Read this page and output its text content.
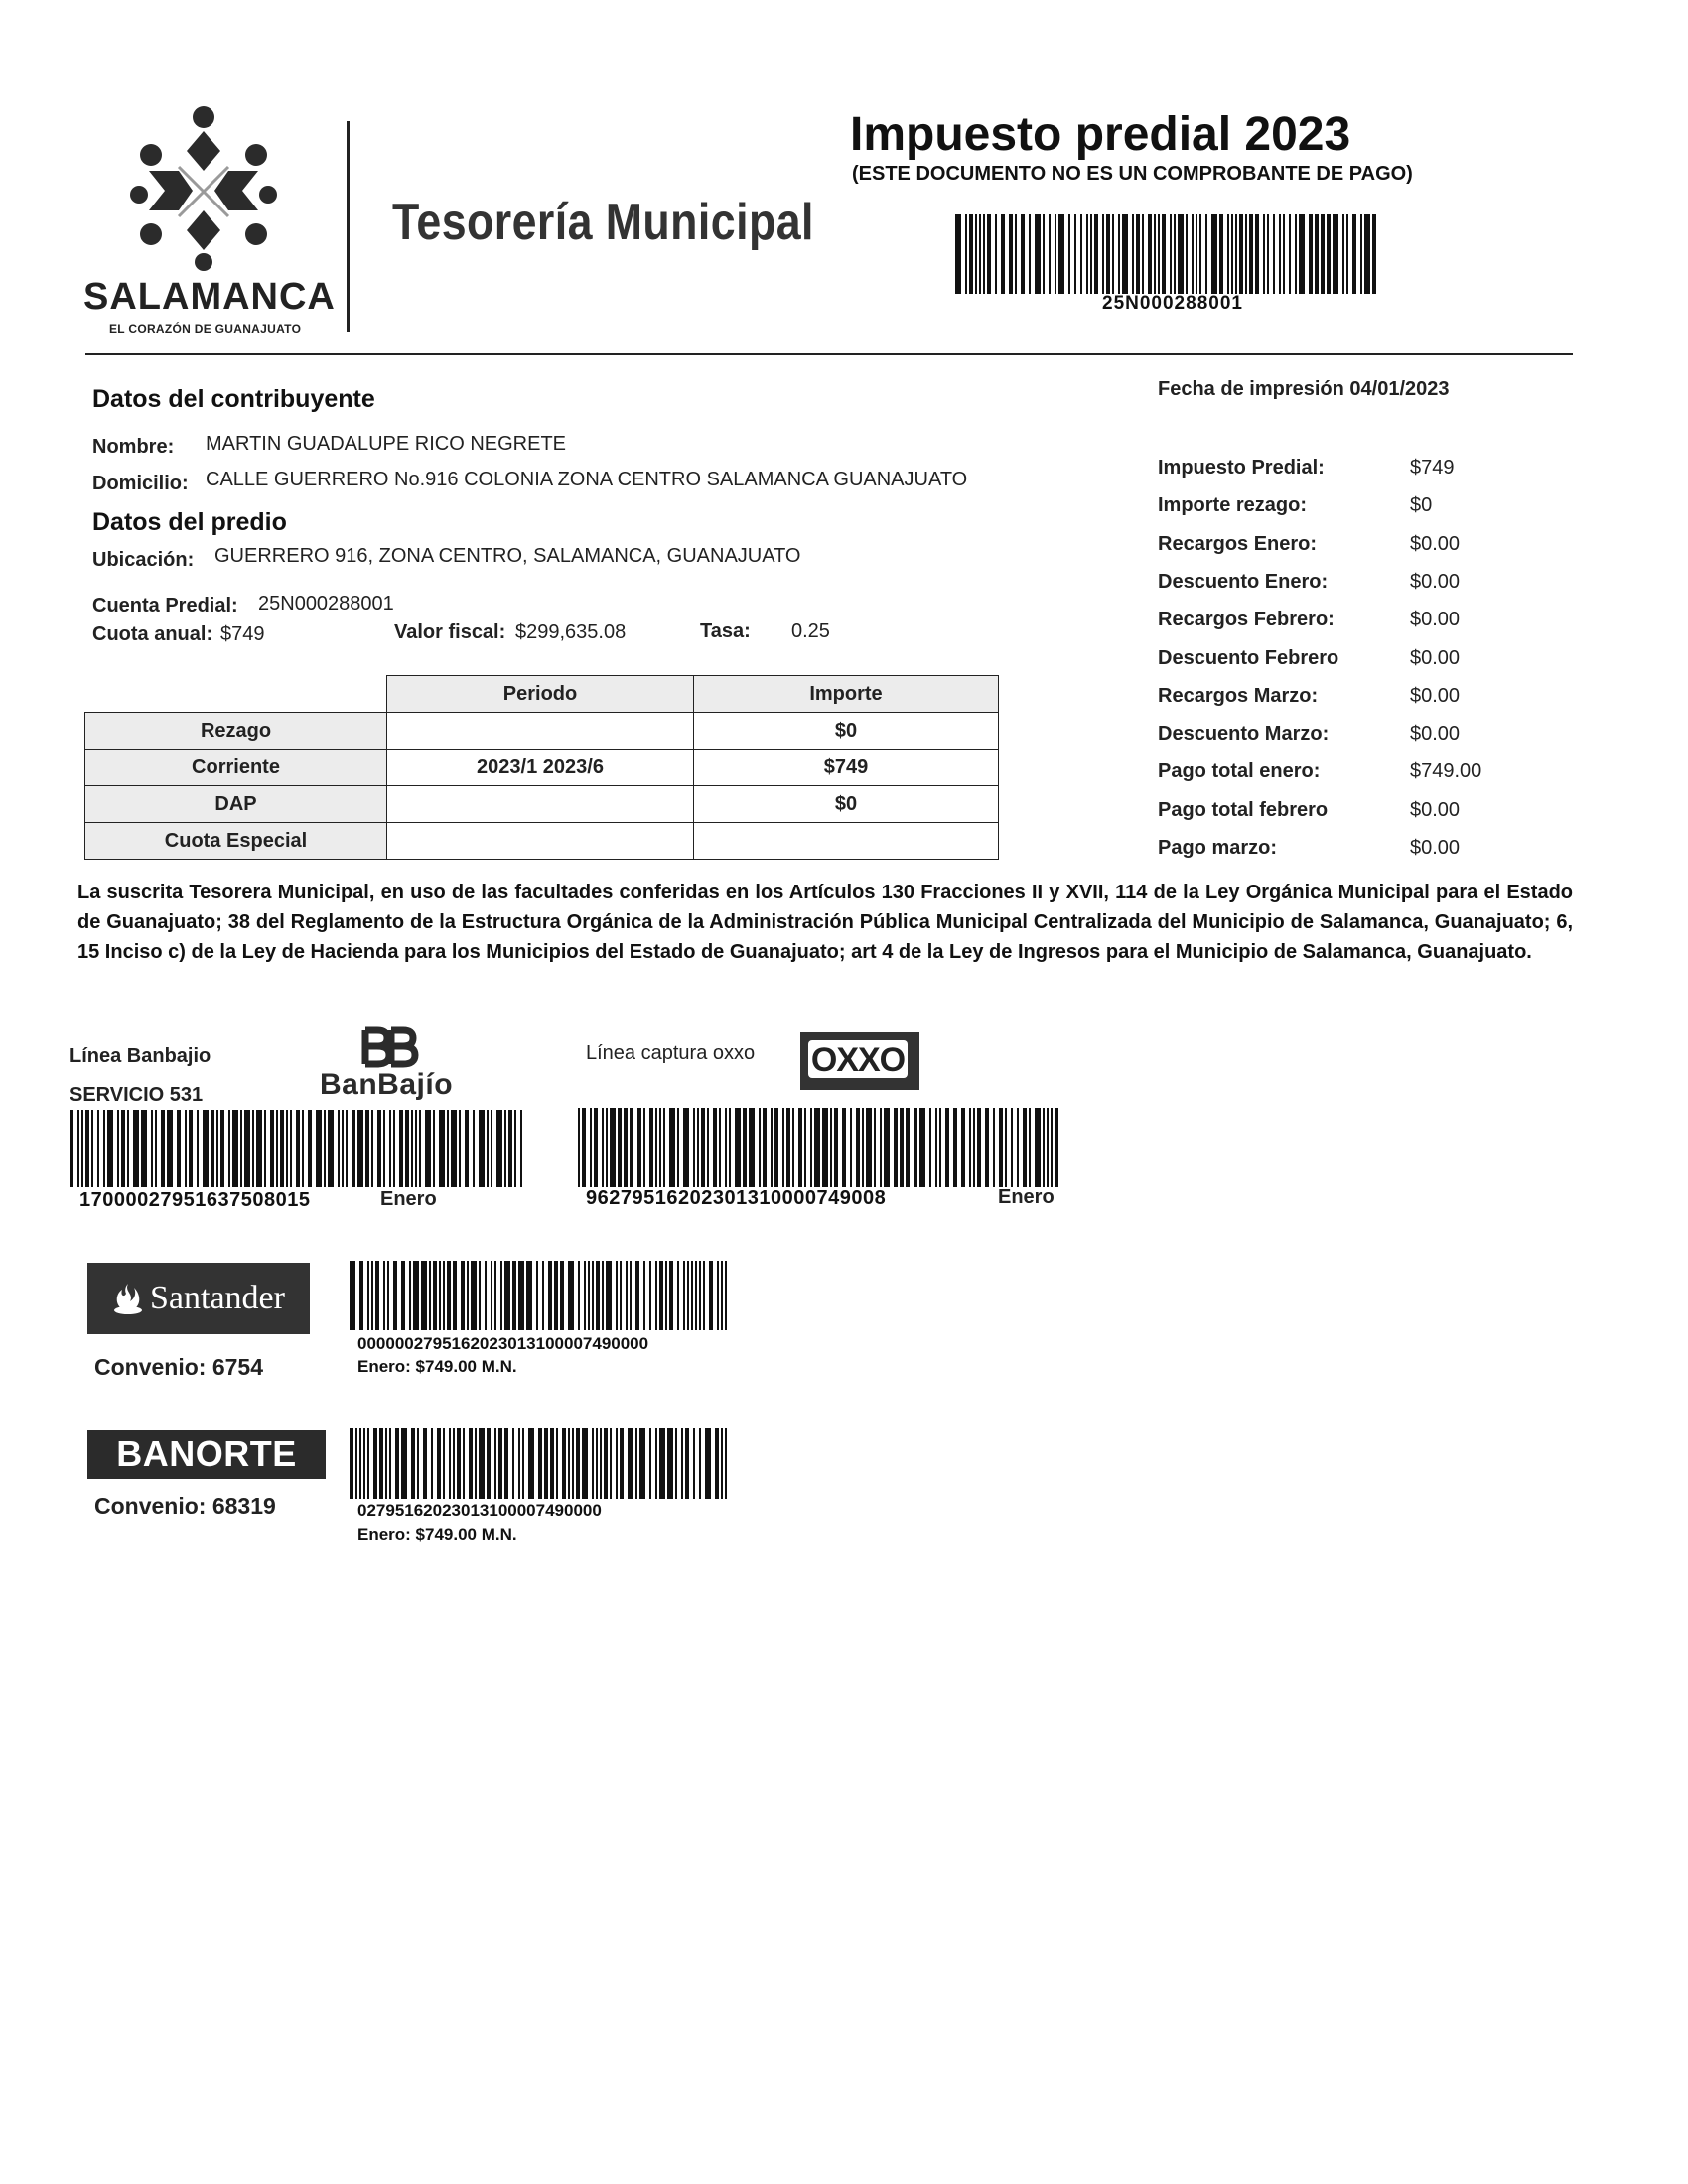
SALAMANCA
EL CORAZÓN DE GUANAJUATO
Tesorería Municipal
Impuesto predial 2023
(ESTE DOCUMENTO NO ES UN COMPROBANTE DE PAGO)
25N000288001
Datos del contribuyente
Nombre: MARTIN GUADALUPE RICO NEGRETE
Domicilio: CALLE GUERRERO No.916 COLONIA ZONA CENTRO SALAMANCA GUANAJUATO
Datos del predio
Ubicación: GUERRERO 916, ZONA CENTRO, SALAMANCA, GUANAJUATO
Cuenta Predial: 25N000288001
Cuota anual: $749	Valor fiscal: $299,635.08	Tasa: 0.25
	Periodo	Importe
Rezago		$0
Corriente	2023/1 2023/6	$749
DAP		$0
Cuota Especial		
Fecha de impresión 04/01/2023
Impuesto Predial:	$749
Importe rezago:	$0
Recargos Enero:	$0.00
Descuento Enero:	$0.00
Recargos Febrero:	$0.00
Descuento Febrero	$0.00
Recargos Marzo:	$0.00
Descuento Marzo:	$0.00
Pago total enero:	$749.00
Pago total febrero	$0.00
Pago marzo:	$0.00
La suscrita Tesorera Municipal, en uso de las facultades conferidas en los Artículos 130 Fracciones II y XVII, 114 de la Ley Orgánica Municipal para el Estado de Guanajuato; 38 del Reglamento de la Estructura Orgánica de la Administración Pública Municipal Centralizada del Municipio de Salamanca, Guanajuato; 6, 15 Inciso c) de la Ley de Hacienda para los Municipios del Estado de Guanajuato; art 4 de la Ley de Ingresos para el Municipio de Salamanca, Guanajuato.
Línea Banbajio
SERVICIO 531	BanBajío
17000027951637508015	Enero
Línea captura oxxo OXXO
96279516202301310000749008	Enero
Santander
Convenio: 6754
0000002795162023013100007490000
Enero: $749.00 M.N.
BANORTE
Convenio: 68319	02795162023013100007490000
Enero: $749.00 M.N.
